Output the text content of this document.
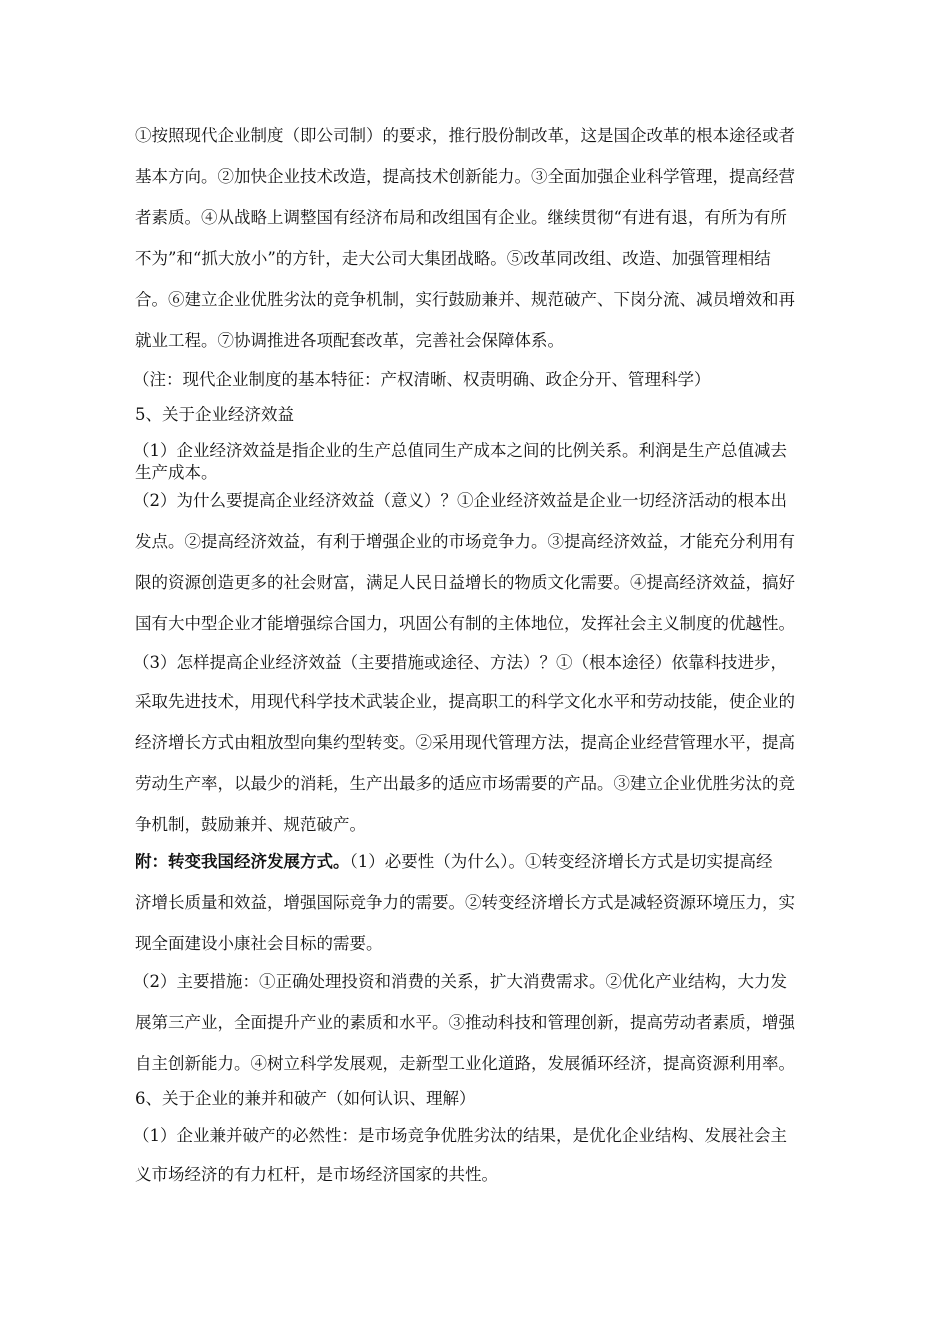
①按照现代企业制度（即公司制）的要求，推行股份制改革，这是国企改革的根本途径或者
基本方向。②加快企业技术改造，提高技术创新能力。③全面加强企业科学管理，提高经营
者素质。④从战略上调整国有经济布局和改组国有企业。继续贯彻“有进有退，有所为有所
不为”和“抓大放小”的方针，走大公司大集团战略。⑤改革同改组、改造、加强管理相结
合。⑥建立企业优胜劣汰的竞争机制，实行鼓励兼并、规范破产、下岗分流、减员增效和再
就业工程。⑦协调推进各项配套改革，完善社会保障体系。
（注：现代企业制度的基本特征：产权清晰、权责明确、政企分开、管理科学）
5、关于企业经济效益
（1）企业经济效益是指企业的生产总值同生产成本之间的比例关系。利润是生产总值减去
生产成本。
（2）为什么要提高企业经济效益（意义）？①企业经济效益是企业一切经济活动的根本出
发点。②提高经济效益，有利于增强企业的市场竞争力。③提高经济效益，才能充分利用有
限的资源创造更多的社会财富，满足人民日益增长的物质文化需要。④提高经济效益，搞好
国有大中型企业才能增强综合国力，巩固公有制的主体地位，发挥社会主义制度的优越性。
（3）怎样提高企业经济效益（主要措施或途径、方法）？①（根本途径）依靠科技进步，
采取先进技术，用现代科学技术武装企业，提高职工的科学文化水平和劳动技能，使企业的
经济增长方式由粗放型向集约型转变。②采用现代管理方法，提高企业经营管理水平，提高
劳动生产率，以最少的消耗，生产出最多的适应市场需要的产品。③建立企业优胜劣汰的竞
争机制，鼓励兼并、规范破产。
附：转变我国经济发展方式。（1）必要性（为什么）。①转变经济增长方式是切实提高经
济增长质量和效益，增强国际竞争力的需要。②转变经济增长方式是减轻资源环境压力，实
现全面建设小康社会目标的需要。
（2）主要措施：①正确处理投资和消费的关系，扩大消费需求。②优化产业结构，大力发
展第三产业，全面提升产业的素质和水平。③推动科技和管理创新，提高劳动者素质，增强
自主创新能力。④树立科学发展观，走新型工业化道路，发展循环经济，提高资源利用率。
6、关于企业的兼并和破产（如何认识、理解）
（1）企业兼并破产的必然性：是市场竞争优胜劣汰的结果，是优化企业结构、发展社会主
义市场经济的有力杠杆，是市场经济国家的共性。
